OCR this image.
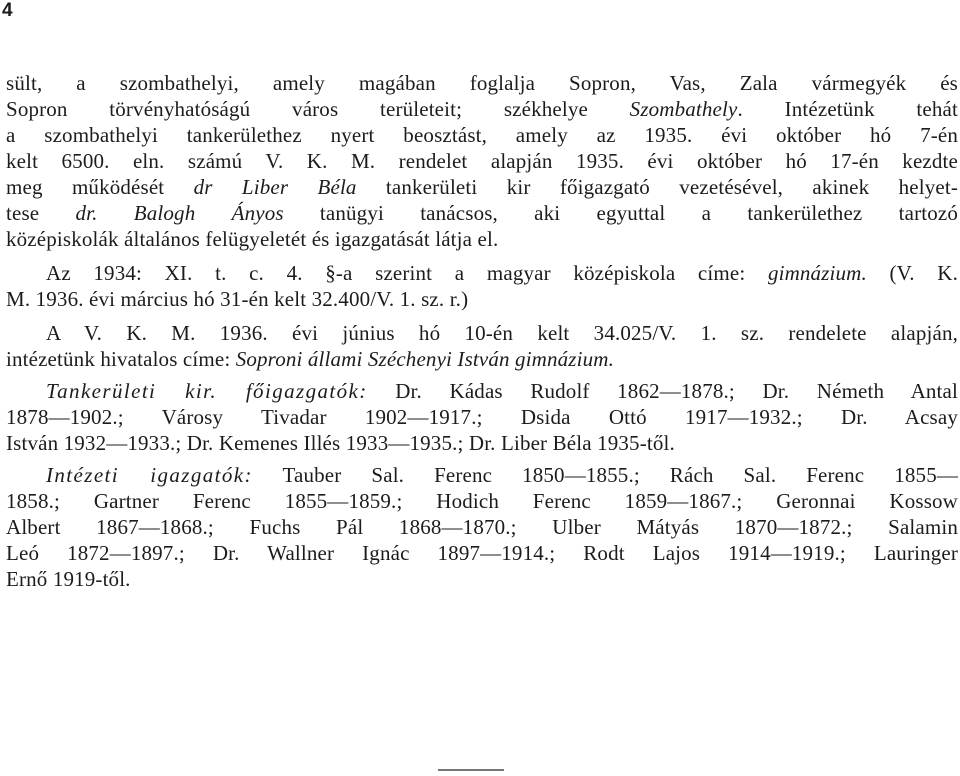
4
sült, a szombathelyi, amely magában foglalja Sopron, Vas, Zala vármegyék és
Sopron törvényhatóságú város területeit; székhelye Szombathely. Intézetünk tehát
a szombathelyi tankerülethez nyert beosztást, amely az 1935. évi október hó 7-én
kelt 6500. eln. számú V. K. M. rendelet alapján 1935. évi október hó 17-én kezdte
meg működését dr Liber Béla tankerületi kir főigazgató vezetésével, akinek helyet-
tese dr. Balogh Ányos tanügyi tanácsos, aki egyuttal a tankerülethez tartozó
középiskolák általános felügyeletét és igazgatását látja el.
Az 1934: XI. t. c. 4. §-a szerint a magyar középiskola címe: gimnázium. (V. K.
M. 1936. évi március hó 31-én kelt 32.400/V. 1. sz. r.)
A V. K. M. 1936. évi június hó 10-én kelt 34.025/V. 1. sz. rendelete alapján,
intézetünk hivatalos címe: Soproni állami Széchenyi István gimnázium.
Tankerületi kir. főigazgatók: Dr. Kádas Rudolf 1862—1878.; Dr. Németh Antal
1878—1902.; Városy Tivadar 1902—1917.; Dsida Ottó 1917—1932.; Dr. Acsay
István 1932—1933.; Dr. Kemenes Illés 1933—1935.; Dr. Liber Béla 1935-től.
Intézeti igazgatók: Tauber Sal. Ferenc 1850—1855.; Rách Sal. Ferenc 1855—
1858.; Gartner Ferenc 1855—1859.; Hodich Ferenc 1859—1867.; Geronnai Kossow
Albert 1867—1868.; Fuchs Pál 1868—1870.; Ulber Mátyás 1870—1872.; Salamin
Leó 1872—1897.; Dr. Wallner Ignác 1897—1914.; Rodt Lajos 1914—1919.; Lauringer
Ernő 1919-től.
